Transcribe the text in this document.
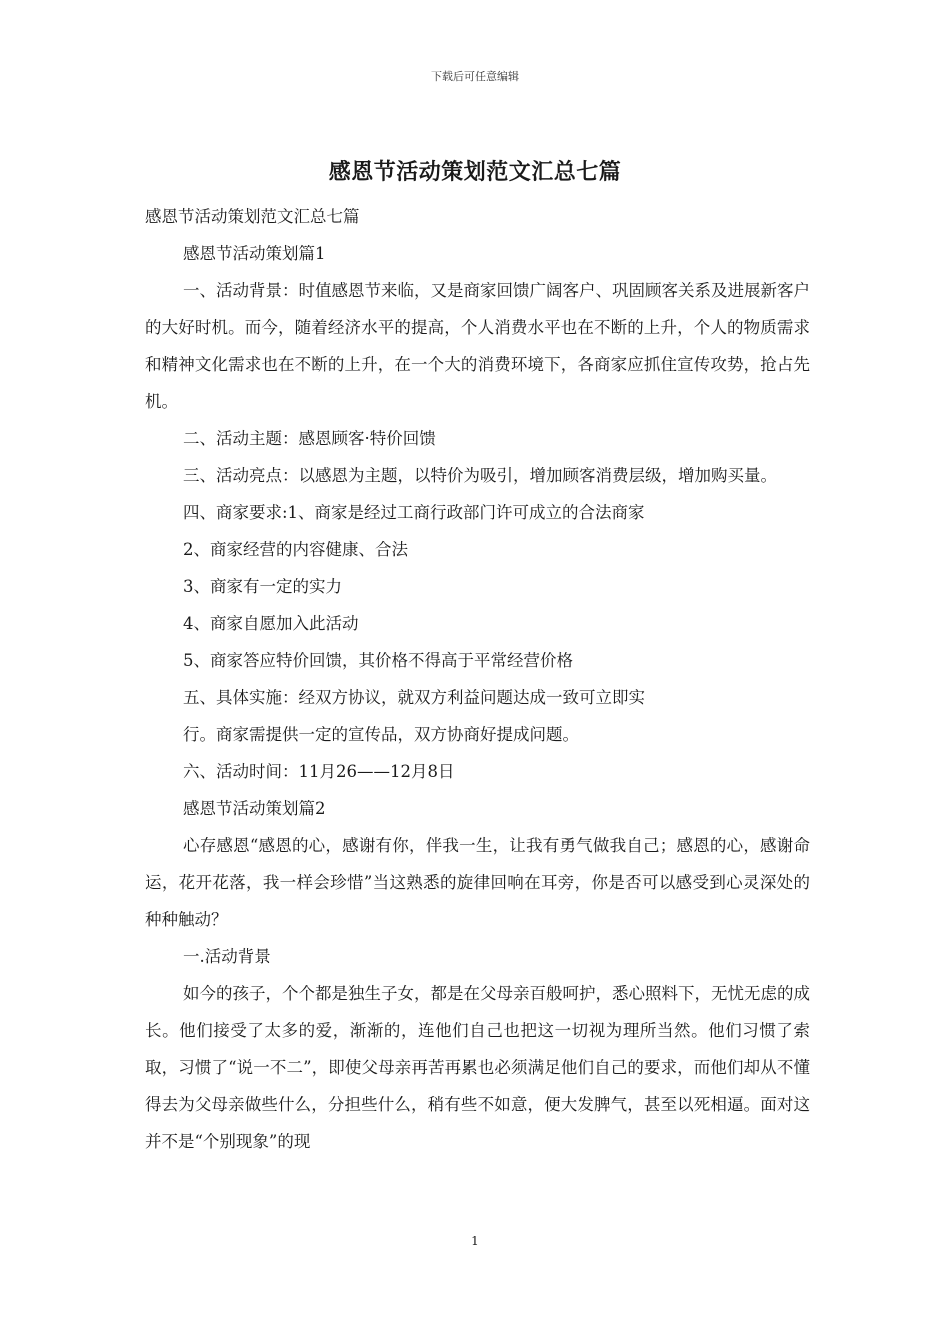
下载后可任意编辑
感恩节活动策划范文汇总七篇

感恩节活动策划范文汇总七篇

感恩节活动策划篇1

一、活动背景：时值感恩节来临，又是商家回馈广阔客户、巩固顾客关系及进展新客户的大好时机。而今，随着经济水平的提高，个人消费水平也在不断的上升，个人的物质需求和精神文化需求也在不断的上升，在一个大的消费环境下，各商家应抓住宣传攻势，抢占先机。

二、活动主题：感恩顾客·特价回馈

三、活动亮点：以感恩为主题，以特价为吸引，增加顾客消费层级，增加购买量。

四、商家要求:1、商家是经过工商行政部门许可成立的合法商家

2、商家经营的内容健康、合法

3、商家有一定的实力

4、商家自愿加入此活动

5、商家答应特价回馈，其价格不得高于平常经营价格

五、具体实施：经双方协议，就双方利益问题达成一致可立即实

行。商家需提供一定的宣传品，双方协商好提成问题。

六、活动时间：11月26——12月8日

感恩节活动策划篇2

心存感恩“感恩的心，感谢有你，伴我一生，让我有勇气做我自己；感恩的心，感谢命运，花开花落，我一样会珍惜”当这熟悉的旋律回响在耳旁，你是否可以感受到心灵深处的种种触动？

一.活动背景

如今的孩子，个个都是独生子女，都是在父母亲百般呵护，悉心照料下，无忧无虑的成长。他们接受了太多的爱，渐渐的，连他们自己也把这一切视为理所当然。他们习惯了索取，习惯了“说一不二”，即使父母亲再苦再累也必须满足他们自己的要求，而他们却从不懂得去为父母亲做些什么，分担些什么，稍有些不如意，便大发脾气，甚至以死相逼。面对这并不是“个别现象”的现

1
